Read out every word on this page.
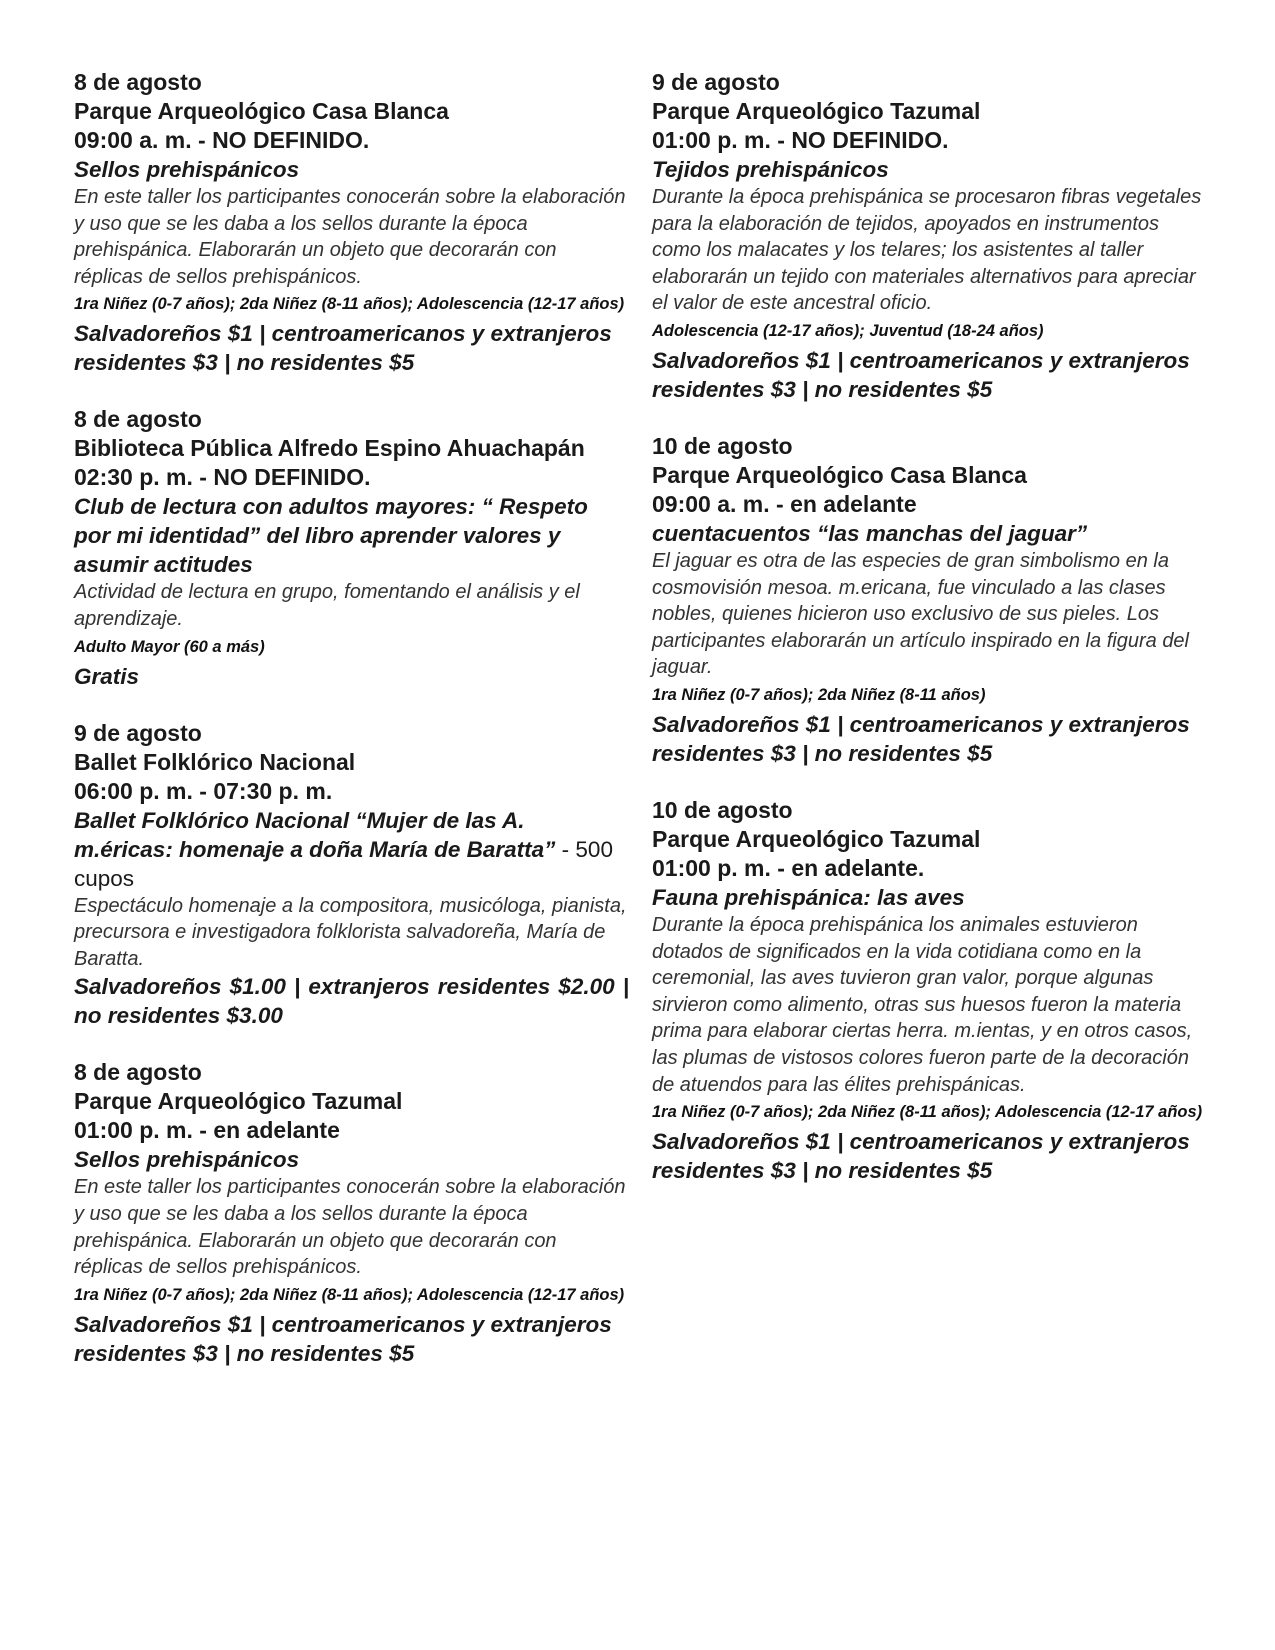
8 de agosto

Parque Arqueológico Casa Blanca

09:00 a. m. - NO DEFINIDO.

Sellos prehispánicos

En este taller los participantes conocerán sobre la elaboración y uso que se les daba a los sellos durante la época prehispánica. Elaborarán un objeto que decorarán con réplicas de sellos prehispánicos.

1ra Niñez (0-7 años); 2da Niñez (8-11 años); Adolescencia (12-17 años)

Salvadoreños $1 | centroamericanos y extranjeros residentes $3 | no residentes $5

8 de agosto

Biblioteca Pública Alfredo Espino Ahuachapán

02:30 p. m. - NO DEFINIDO.

Club de lectura con adultos mayores: “ Respeto por mi identidad” del libro aprender valores y asumir actitudes

Actividad de lectura en grupo, fomentando el análisis y el aprendizaje.

Adulto Mayor (60 a más)

Gratis

9 de agosto

Ballet Folklórico Nacional

06:00 p. m. - 07:30 p. m.

Ballet Folklórico Nacional “Mujer de las A. m.éricas: homenaje a doña María de Baratta” - 500 cupos

Espectáculo homenaje a la compositora, musicóloga, pianista, precursora e investigadora folklorista salvadoreña, María de Baratta.

Salvadoreños $1.00 | extranjeros residentes $2.00 | no residentes $3.00

8 de agosto

Parque Arqueológico Tazumal

01:00 p. m. - en adelante

Sellos prehispánicos

En este taller los participantes conocerán sobre la elaboración y uso que se les daba a los sellos durante la época prehispánica. Elaborarán un objeto que decorarán con réplicas de sellos prehispánicos.

1ra Niñez (0-7 años); 2da Niñez (8-11 años); Adolescencia (12-17 años)

Salvadoreños $1 | centroamericanos y extranjeros residentes $3 | no residentes $5

9 de agosto

Parque Arqueológico Tazumal

01:00 p. m. - NO DEFINIDO.

Tejidos prehispánicos

Durante la época prehispánica se procesaron fibras vegetales para la elaboración de tejidos, apoyados en instrumentos como los malacates y los telares; los asistentes al taller elaborarán un tejido con materiales alternativos para apreciar el valor de este ancestral oficio.

Adolescencia (12-17 años); Juventud (18-24 años)

Salvadoreños $1 | centroamericanos y extranjeros residentes $3 | no residentes $5

10 de agosto

Parque Arqueológico Casa Blanca

09:00 a. m. - en adelante

cuentacuentos “las manchas del jaguar”

El jaguar es otra de las especies de gran simbolismo en la cosmovisión mesoa. m.ericana, fue vinculado a las clases nobles, quienes hicieron uso exclusivo de sus pieles. Los participantes elaborarán un artículo inspirado en la figura del jaguar.

1ra Niñez (0-7 años); 2da Niñez (8-11 años)

Salvadoreños $1 | centroamericanos y extranjeros residentes $3 | no residentes $5

10 de agosto

Parque Arqueológico Tazumal

01:00 p. m. - en adelante.

Fauna prehispánica: las aves

Durante la época prehispánica los animales estuvieron dotados de significados en la vida cotidiana como en la ceremonial, las aves tuvieron gran valor, porque algunas sirvieron como alimento, otras sus huesos fueron la materia prima para elaborar ciertas herra. m.ientas, y en otros casos, las plumas de vistosos colores fueron parte de la decoración de atuendos para las élites prehispánicas.

1ra Niñez (0-7 años); 2da Niñez (8-11 años); Adolescencia (12-17 años)

Salvadoreños $1 | centroamericanos y extranjeros residentes $3 | no residentes $5
